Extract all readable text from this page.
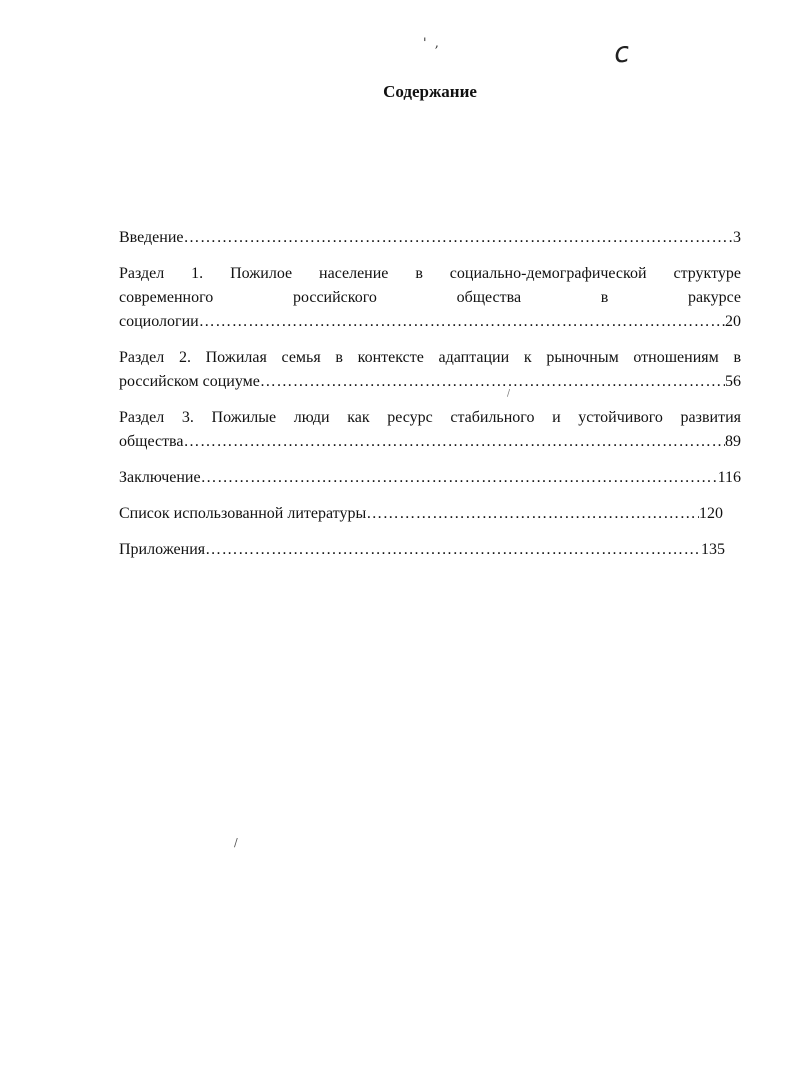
' ,	c
/
/
Содержание
Введение …………………………………………………………………………………………………………………………………………………	3
Раздел 1. Пожилое население в социально-демографической структуре
современного российского общества в ракурсе
социологии …………………………………………………………………………………………………………………………………………………	20
Раздел 2. Пожилая семья в контексте адаптации к рыночным отношениям в
российском социуме …………………………………………………………………………………………………………………………………………………	56
Раздел 3. Пожилые люди как ресурс стабильного и устойчивого развития
общества …………………………………………………………………………………………………………………………………………………	89
Заключение …………………………………………………………………………………………………………………………………………………	116
Список использованной литературы …………………………………………………………………………………………………………………………………………………	120
Приложения …………………………………………………………………………………………………………………………………………………	135
